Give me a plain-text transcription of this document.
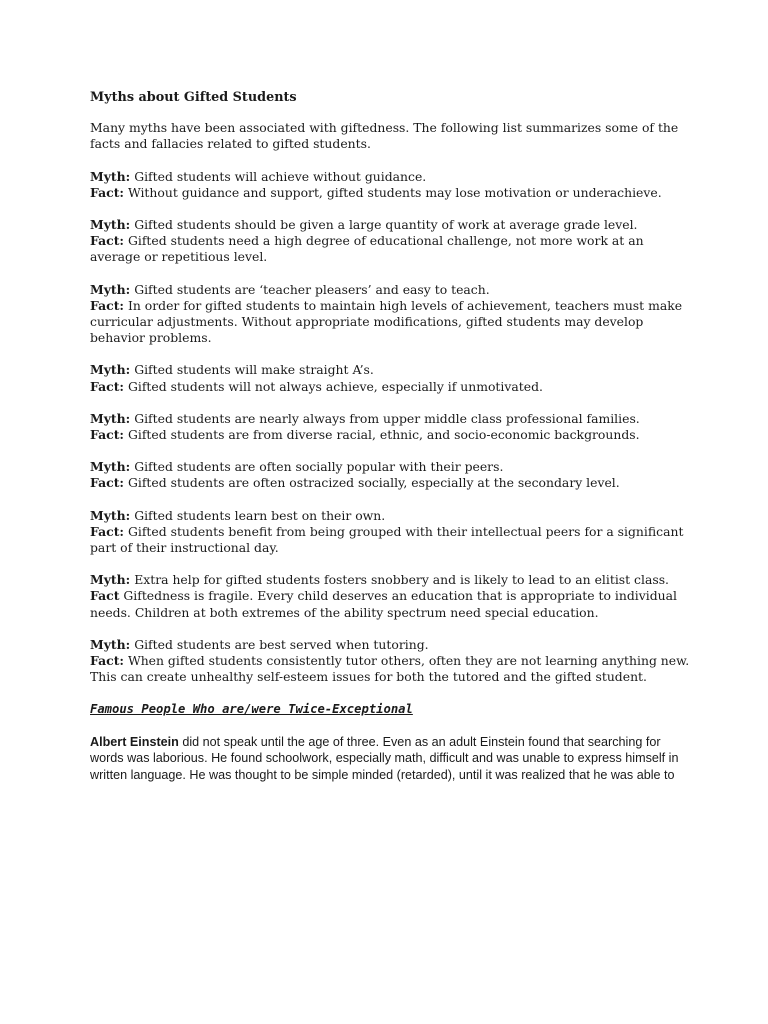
Myths about Gifted Students
Many myths have been associated with giftedness. The following list summarizes some of the facts and fallacies related to gifted students.
Myth: Gifted students will achieve without guidance.
Fact: Without guidance and support, gifted students may lose motivation or underachieve.
Myth: Gifted students should be given a large quantity of work at average grade level.
Fact: Gifted students need a high degree of educational challenge, not more work at an average or repetitious level.
Myth: Gifted students are ‘teacher pleasers’ and easy to teach.
Fact: In order for gifted students to maintain high levels of achievement, teachers must make curricular adjustments. Without appropriate modifications, gifted students may develop behavior problems.
Myth: Gifted students will make straight A’s.
Fact: Gifted students will not always achieve, especially if unmotivated.
Myth: Gifted students are nearly always from upper middle class professional families.
Fact: Gifted students are from diverse racial, ethnic, and socio-economic backgrounds.
Myth: Gifted students are often socially popular with their peers.
Fact: Gifted students are often ostracized socially, especially at the secondary level.
Myth: Gifted students learn best on their own.
Fact: Gifted students benefit from being grouped with their intellectual peers for a significant part of their instructional day.
Myth: Extra help for gifted students fosters snobbery and is likely to lead to an elitist class.
Fact Giftedness is fragile. Every child deserves an education that is appropriate to individual needs. Children at both extremes of the ability spectrum need special education.
Myth: Gifted students are best served when tutoring.
Fact: When gifted students consistently tutor others, often they are not learning anything new. This can create unhealthy self-esteem issues for both the tutored and the gifted student.
Famous People Who are/were Twice-Exceptional
Albert Einstein did not speak until the age of three. Even as an adult Einstein found that searching for words was laborious. He found schoolwork, especially math, difficult and was unable to express himself in written language. He was thought to be simple minded (retarded), until it was realized that he was able to
